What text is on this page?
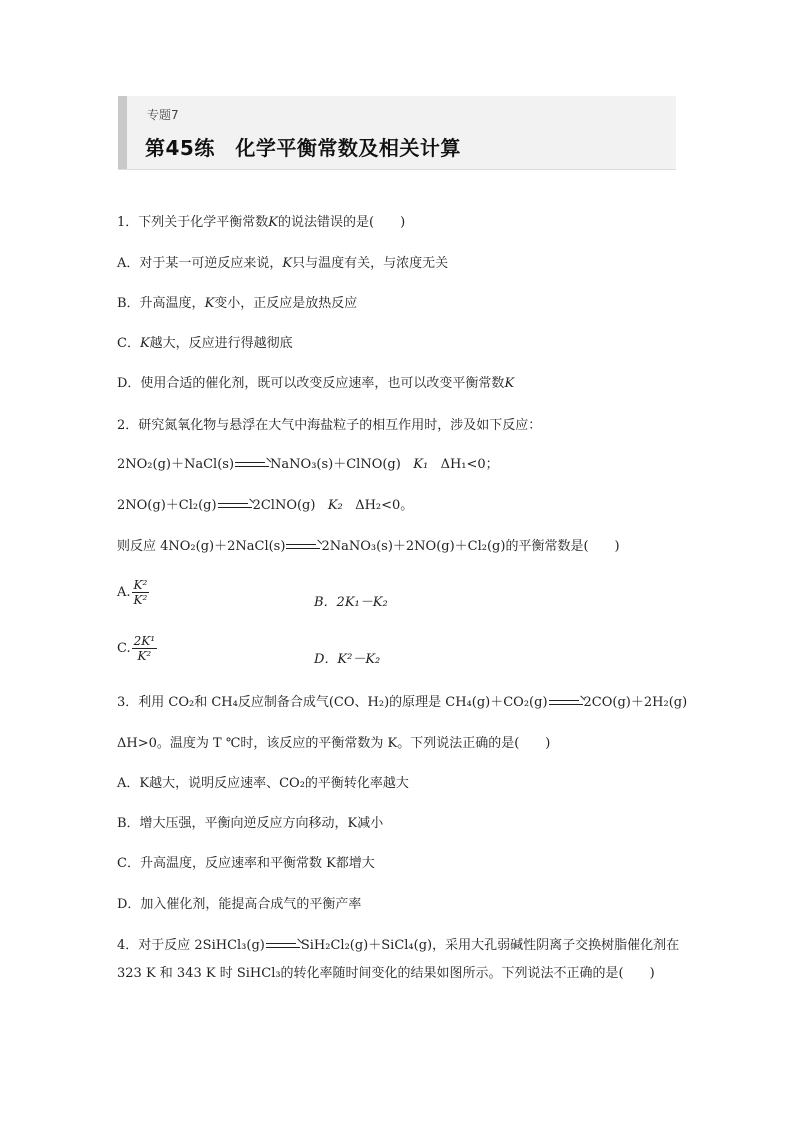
专题7
第45练　化学平衡常数及相关计算
1．下列关于化学平衡常数K的说法错误的是(　　)
A．对于某一可逆反应来说，K只与温度有关，与浓度无关
B．升高温度，K变小，正反应是放热反应
C．K越大，反应进行得越彻底
D．使用合适的催化剂，既可以改变反应速率，也可以改变平衡常数K
2．研究氮氧化物与悬浮在大气中海盐粒子的相互作用时，涉及如下反应：
2NO₂(g)＋NaCl(s)→NaNO₃(s)＋ClNO(g) K₁ ΔH₁<0；
2NO(g)＋Cl₂(g)→2ClNO(g) K₂ ΔH₂<0。
则反应 4NO₂(g)＋2NaCl(s)→2NaNO₃(s)＋2NO(g)＋Cl₂(g)的平衡常数是(　　)
A. $\frac{\text{K²}}{\text{K²}}$	B．2K₁－K₂
C. $\frac{\text{2K¹}}{\text{K²}}$	D．K²－K₂
3．利用 CO₂和 CH₄反应制备合成气(CO、H₂)的原理是 CH₄(g)＋CO₂(g)→2CO(g)＋2H₂(g)
ΔH>0。温度为 T ℃时，该反应的平衡常数为 K。下列说法正确的是(　　)
A．K越大，说明反应速率、CO₂的平衡转化率越大
B．增大压强，平衡向逆反应方向移动，K减小
C．升高温度，反应速率和平衡常数 K都增大
D．加入催化剂，能提高合成气的平衡产率
4．对于反应 2SiHCl₃(g)→SiH₂Cl₂(g)＋SiCl₄(g)，采用大孔弱碱性阴离子交换树脂催化剂在
323 K 和 343 K 时 SiHCl₃的转化率随时间变化的结果如图所示。下列说法不正确的是(　　)
